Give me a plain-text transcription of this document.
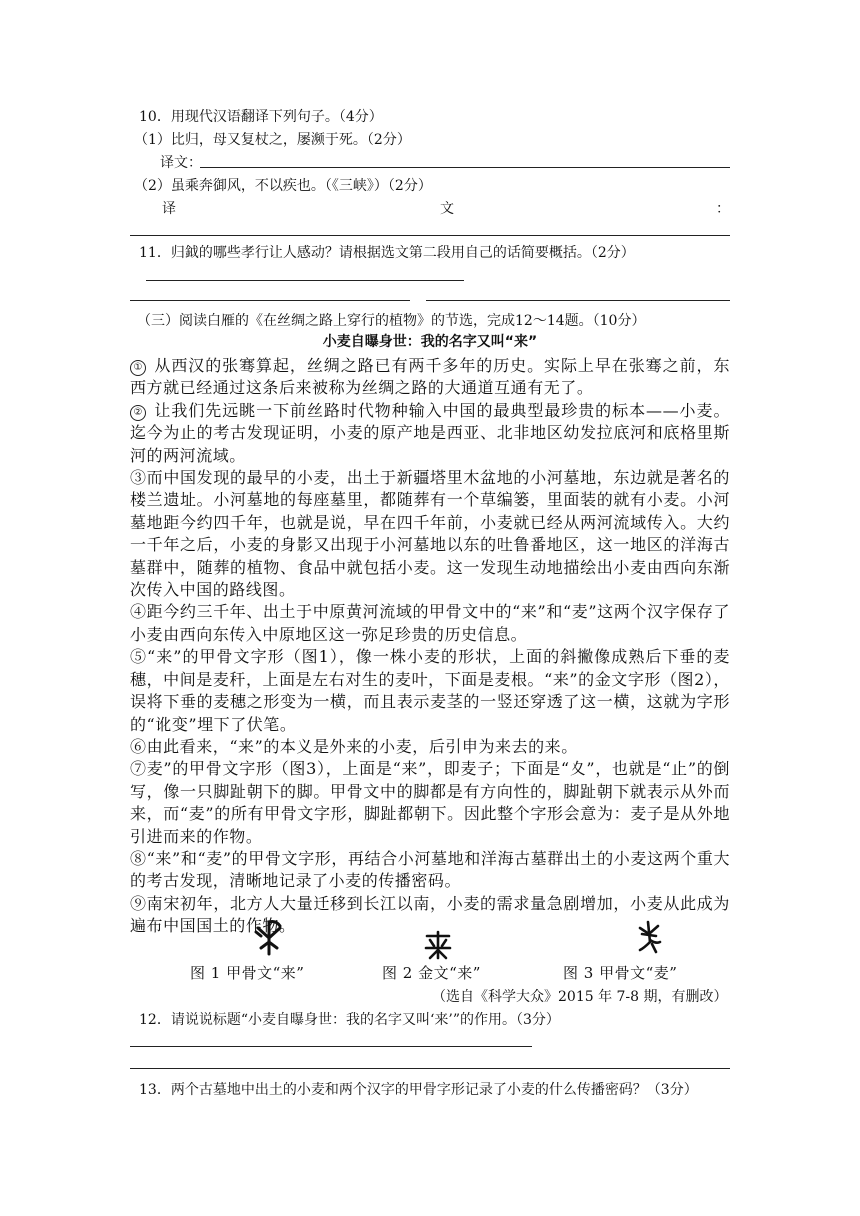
10．用现代汉语翻译下列句子。（4分）
（1）比归，母又复杖之，屡濒于死。（2分）
译文：
（2）虽乘奔御风，不以疾也。（《三峡》）（2分）
译	文	：
11．归鉞的哪些孝行让人感动？请根据选文第二段用自己的话简要概括。（2分）
（三）阅读白雁的《在丝绸之路上穿行的植物》的节选，完成12～14题。（10分）
小麦自曝身世：我的名字又叫“来”

① 从西汉的张骞算起，丝绸之路已有两千多年的历史。实际上早在张骞之前，东西方就已经通过这条后来被称为丝绸之路的大通道互通有无了。

② 让我们先远眺一下前丝路时代物种输入中国的最典型最珍贵的标本——小麦。迄今为止的考古发现证明，小麦的原产地是西亚、北非地区幼发拉底河和底格里斯河的两河流域。

③而中国发现的最早的小麦，出土于新疆塔里木盆地的小河墓地，东边就是著名的楼兰遗址。小河墓地的每座墓里，都随葬有一个草编篓，里面装的就有小麦。小河墓地距今约四千年，也就是说，早在四千年前，小麦就已经从两河流域传入。大约一千年之后，小麦的身影又出现于小河墓地以东的吐鲁番地区，这一地区的洋海古墓群中，随葬的植物、食品中就包括小麦。这一发现生动地描绘出小麦由西向东渐次传入中国的路线图。

④距今约三千年、出土于中原黄河流域的甲骨文中的“来”和“麦”这两个汉字保存了小麦由西向东传入中原地区这一弥足珍贵的历史信息。

⑤“来”的甲骨文字形（图1），像一株小麦的形状，上面的斜撇像成熟后下垂的麦穗，中间是麦秆，上面是左右对生的麦叶，下面是麦根。“来”的金文字形（图2），误将下垂的麦穗之形变为一横，而且表示麦茎的一竖还穿透了这一横，这就为字形的“讹变”埋下了伏笔。

⑥由此看来，“来”的本义是外来的小麦，后引申为来去的来。

⑦麦”的甲骨文字形（图3），上面是“来”，即麦子；下面是“夊”，也就是“止”的倒写，像一只脚趾朝下的脚。甲骨文中的脚都是有方向性的，脚趾朝下就表示从外而来，而“麦”的所有甲骨文字形，脚趾都朝下。因此整个字形会意为：麦子是从外地引进而来的作物。

⑧“来”和“麦”的甲骨文字形，再结合小河墓地和洋海古墓群出土的小麦这两个重大的考古发现，清晰地记录了小麦的传播密码。

⑨南宋初年，北方人大量迁移到长江以南，小麦的需求量急剧增加，小麦从此成为遍布中国国土的作物。

图 1 甲骨文“来”	图 2 金文“来”	图 3 甲骨文“麦”
（选自《科学大众》2015 年 7-8 期，有删改）
12．请说说标题“小麦自曝身世：我的名字又叫‘来’”的作用。（3分）
13．两个古墓地中出土的小麦和两个汉字的甲骨字形记录了小麦的什么传播密码？（3分）
